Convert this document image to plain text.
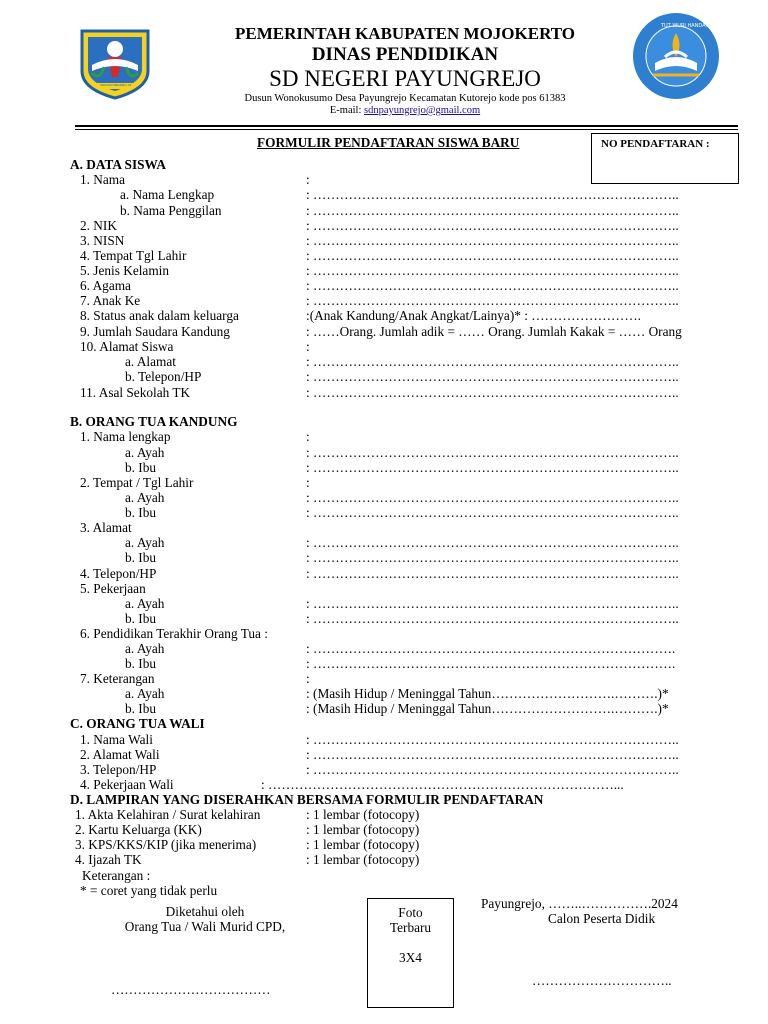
SDN PAYUNGREJO 02
TUT WURI HANDAYANI
PEMERINTAH KABUPATEN MOJOKERTO
DINAS PENDIDIKAN
SD NEGERI PAYUNGREJO
Dusun Wonokusumo Desa Payungrejo Kecamatan Kutorejo kode pos 61383
E-mail: sdnpayungrejo@gmail.com
FORMULIR PENDAFTARAN SISWA BARU	NO PENDAFTARAN :
A. DATA SISWA
1. Nama	:
a. Nama Lengkap	: ………………………………………………………………………..
b. Nama Penggilan	: ………………………………………………………………………..
2. NIK	: ………………………………………………………………………..
3. NISN	: ………………………………………………………………………..
4. Tempat Tgl Lahir	: ………………………………………………………………………..
5. Jenis Kelamin	: ………………………………………………………………………..
6. Agama	: ………………………………………………………………………..
7. Anak Ke	: ………………………………………………………………………..
8. Status anak dalam keluarga	:(Anak Kandung/Anak Angkat/Lainya)* : …………………….
9. Jumlah Saudara Kandung	: ……Orang. Jumlah adik = …… Orang. Jumlah Kakak = …… Orang
10. Alamat Siswa	:
a. Alamat	: ………………………………………………………………………..
b. Telepon/HP	: ………………………………………………………………………..
11. Asal Sekolah TK	: ………………………………………………………………………..
B. ORANG TUA KANDUNG
1. Nama lengkap	:
a. Ayah	: ………………………………………………………………………..
b. Ibu	: ………………………………………………………………………..
2. Tempat / Tgl Lahir	:
a. Ayah	: ………………………………………………………………………..
b. Ibu	: ………………………………………………………………………..
3. Alamat
a. Ayah	: ………………………………………………………………………..
b. Ibu	: ………………………………………………………………………..
4. Telepon/HP	: ………………………………………………………………………..
5. Pekerjaan
a. Ayah	: ………………………………………………………………………..
b. Ibu	: ………………………………………………………………………..
6. Pendidikan Terakhir Orang Tua :
a. Ayah	: ……………………………………………………………………….
b. Ibu	: ……………………………………………………………………….
7. Keterangan	:
a. Ayah	: (Masih Hidup / Meninggal Tahun……………………….……….)*
b. Ibu	: (Masih Hidup / Meninggal Tahun……………………….……….)*
C. ORANG TUA WALI
1. Nama Wali	: ………………………………………………………………………..
2. Alamat Wali	: ………………………………………………………………………..
3. Telepon/HP	: ………………………………………………………………………..
4. Pekerjaan Wali	: ……………………………………………………………………...
D. LAMPIRAN YANG DISERAHKAN BERSAMA FORMULIR PENDAFTARAN
1. Akta Kelahiran / Surat kelahiran	: 1 lembar (fotocopy)
2. Kartu Keluarga (KK)	: 1 lembar (fotocopy)
3. KPS/KKS/KIP (jika menerima)	: 1 lembar (fotocopy)
4. Ijazah TK	: 1 lembar (fotocopy)
Keterangan :
* = coret yang tidak perlu
Foto
Terbaru
3X4
Diketahui oleh
Orang Tua / Wali Murid CPD,
………………………………
Payungrejo, ……..…………….2024
Calon Peserta Didik
…………………………..
